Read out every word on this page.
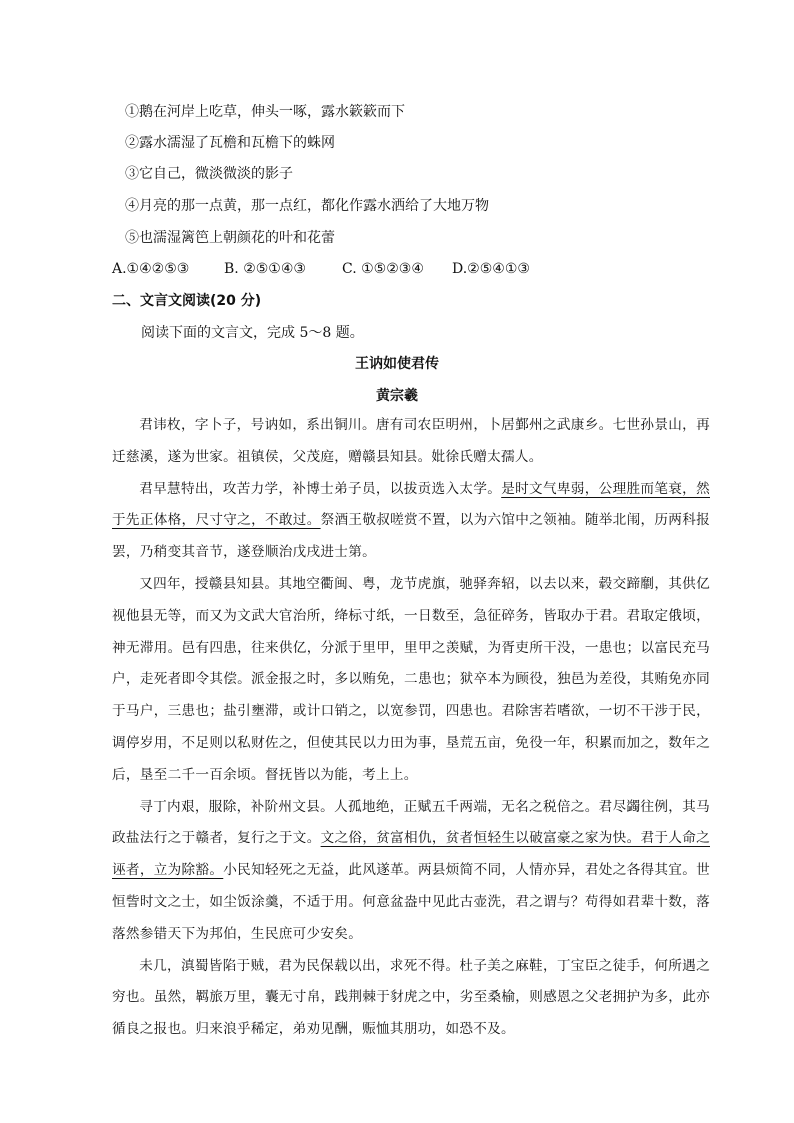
①鹅在河岸上吃草，伸头一啄，露水簌簌而下
②露水濡湿了瓦檐和瓦檐下的蛛网
③它自己，微淡微淡的影子
④月亮的那一点黄，那一点红，都化作露水洒给了大地万物
⑤也濡湿篱笆上朝颜花的叶和花蕾
A.①④②⑤③ B. ②⑤①④③	C. ①⑤②③④ D.②⑤④①③
二、文言文阅读(20 分)
阅读下面的文言文，完成 5～8 题。
王讷如使君传
黄宗羲

君讳枚，字卜子，号讷如，系出铜川。唐有司农臣明州，卜居鄞州之武康乡。七世孙景山，再迁慈溪，遂为世家。祖镇侯，父茂庭，赠赣县知县。妣徐氏赠太孺人。

君早慧特出，攻苦力学，补博士弟子员，以拔贡选入太学。是时文气卑弱，公理胜而笔衰，然于先正体格，尺寸守之，不敢过。祭酒王敬叔嗟赏不置，以为六馆中之领袖。随举北闱，历两科报罢，乃稍变其音节，遂登顺治戊戌进士第。

又四年，授赣县知县。其地空衢闽、粤，龙节虎旗，驰驿奔轺，以去以来，毂交蹄劘，其供亿视他县无等，而又为文武大官治所，绛标寸纸，一日数至，急征碎务，皆取办于君。君取定俄顷，神无滞用。邑有四患，往来供亿，分派于里甲，里甲之羡赋，为胥吏所干没，一患也；以富民充马户，走死者即令其偿。派金报之时，多以贿免，二患也；狱卒本为顾役，独邑为差役，其贿免亦同于马户，三患也；盐引壅滞，或计口销之，以宽参罚，四患也。君除害若嗜欲，一切不干涉于民，调停岁用，不足则以私财佐之，但使其民以力田为事，垦荒五亩，免役一年，积累而加之，数年之后，垦至二千一百余顷。督抚皆以为能，考上上。

寻丁内艰，服除，补阶州文县。人孤地绝，正赋五千两端，无名之税倍之。君尽蠲往例，其马政盐法行之于赣者，复行之于文。文之俗，贫富相仇，贫者恒轻生以破富豪之家为快。君于人命之诬者，立为除豁。小民知轻死之无益，此风遂革。两县烦简不同，人情亦异，君处之各得其宜。世恒訾时文之士，如尘饭涂羹，不适于用。何意盆盎中见此古壶洗，君之谓与？苟得如君辈十数，落落然参错天下为邦伯，生民庶可少安矣。

未几，滇蜀皆陷于贼，君为民保载以出，求死不得。杜子美之麻鞋，丁宝臣之徒手，何所遇之穷也。虽然，羁旅万里，囊无寸帛，践荆棘于豺虎之中，劣至桑榆，则感恩之父老拥护为多，此亦循良之报也。归来浪乎稀定，弟劝见酬，赈恤其朋功，如恐不及。
